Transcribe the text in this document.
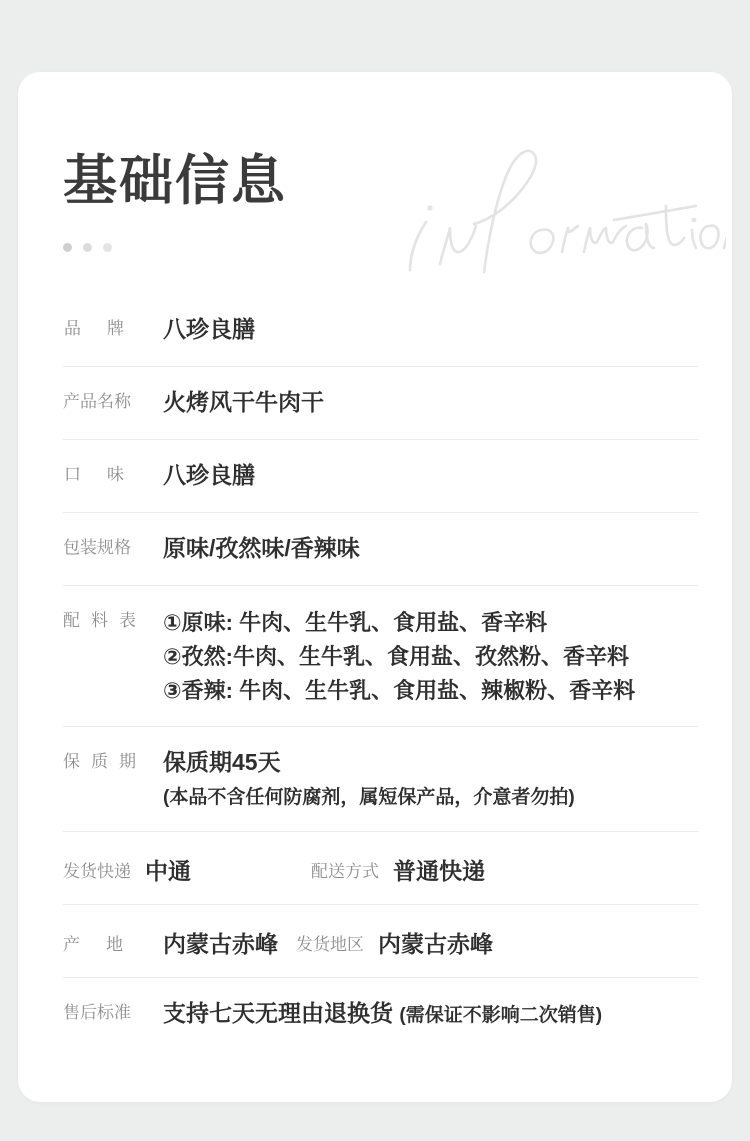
基础信息
品牌 八珍良膳
产品名称	火烤风干牛肉干
口味 八珍良膳
包装规格	原味/孜然味/香辣味
配料表 ①原味: 牛肉、生牛乳、食用盐、香辛料
②孜然:牛肉、生牛乳、食用盐、孜然粉、香辛料
③香辣: 牛肉、生牛乳、食用盐、辣椒粉、香辛料
保质期 保质期45天
(本品不含任何防腐剂，属短保产品，介意者勿拍)
发货快递 中通	配送方式 普通快递
产地 内蒙古赤峰 发货地区 内蒙古赤峰
售后标准	支持七天无理由退换货 (需保证不影响二次销售)
